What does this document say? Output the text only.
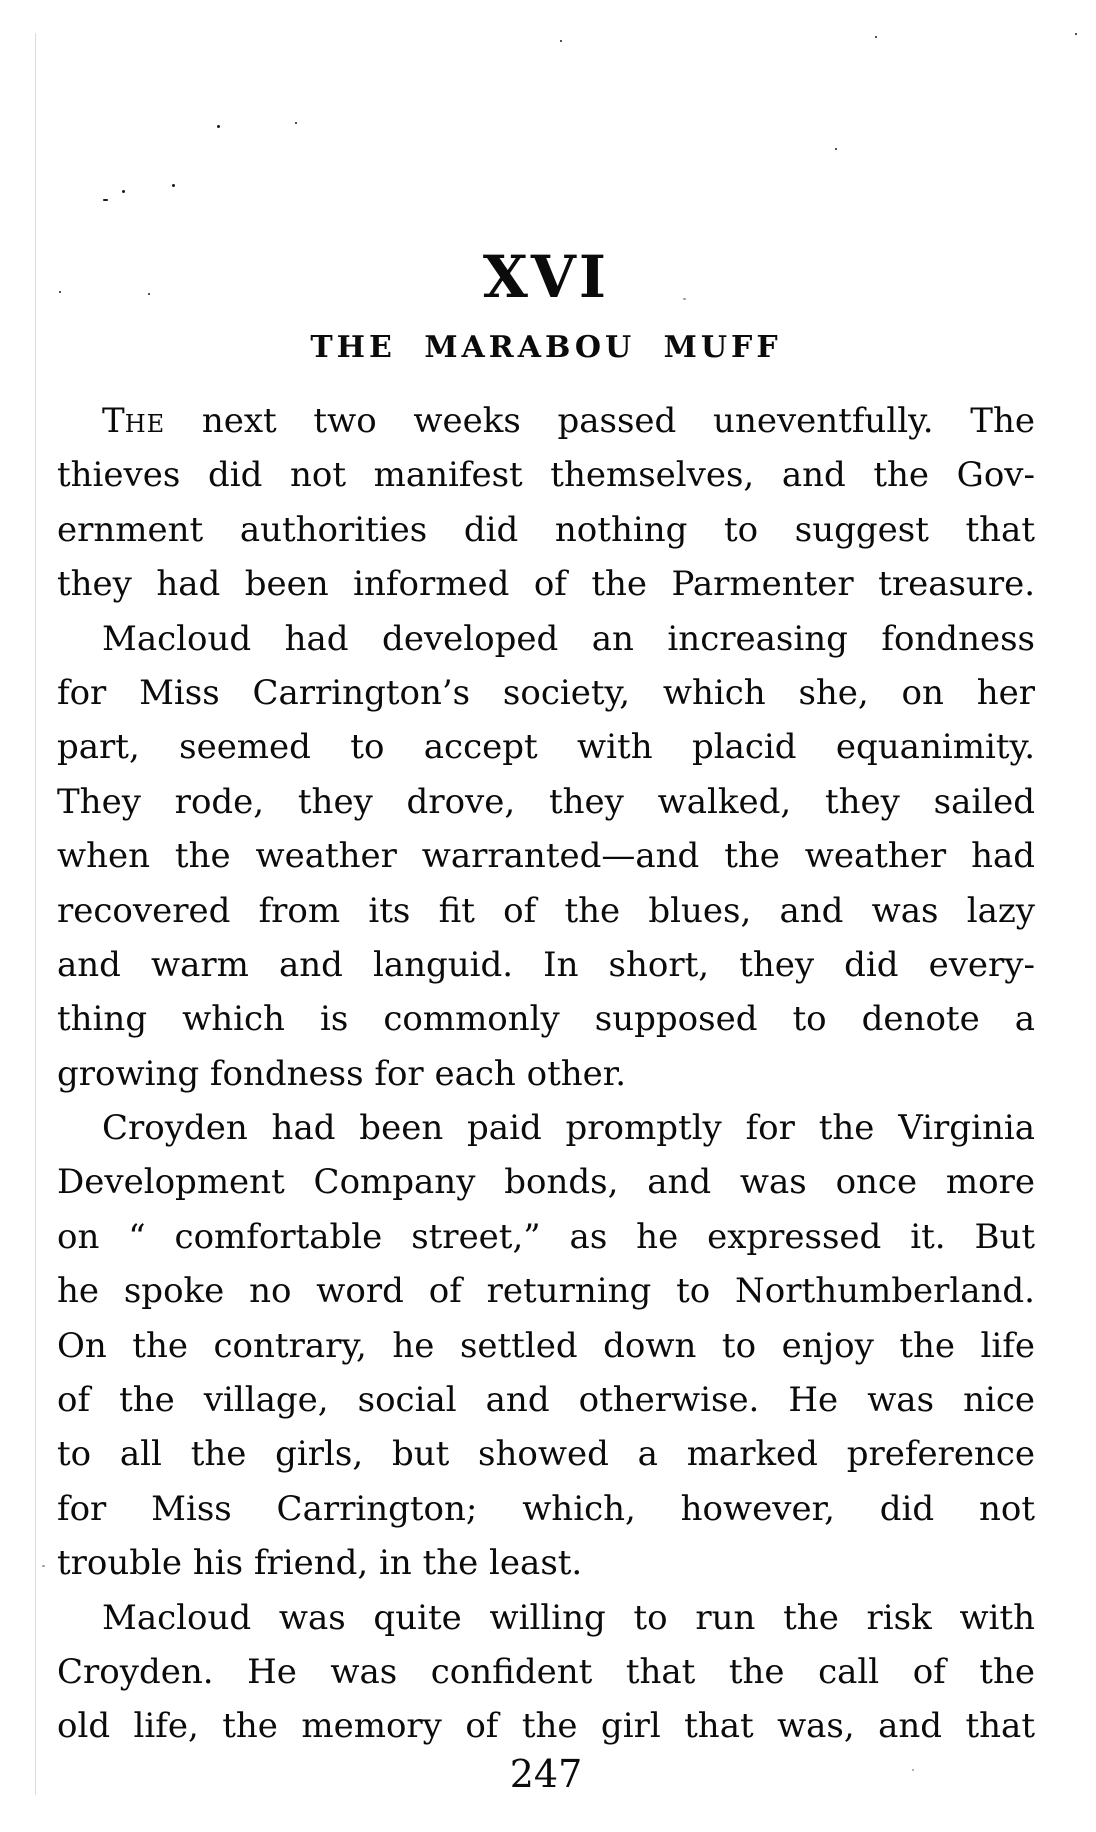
XVI
THE MARABOU MUFF
The next two weeks passed uneventfully. The
thieves did not manifest themselves, and the Gov-
ernment authorities did nothing to suggest that
they had been informed of the Parmenter treasure.
Macloud had developed an increasing fondness
for Miss Carrington’s society, which she, on her
part, seemed to accept with placid equanimity.
They rode, they drove, they walked, they sailed
when the weather warranted—and the weather had
recovered from its fit of the blues, and was lazy
and warm and languid. In short, they did every-
thing which is commonly supposed to denote a
growing fondness for each other.
Croyden had been paid promptly for the Virginia
Development Company bonds, and was once more
on “ comfortable street,” as he expressed it. But
he spoke no word of returning to Northumberland.
On the contrary, he settled down to enjoy the life
of the village, social and otherwise. He was nice
to all the girls, but showed a marked preference
for Miss Carrington; which, however, did not
trouble his friend, in the least.
Macloud was quite willing to run the risk with
Croyden. He was confident that the call of the
old life, the memory of the girl that was, and that
247
